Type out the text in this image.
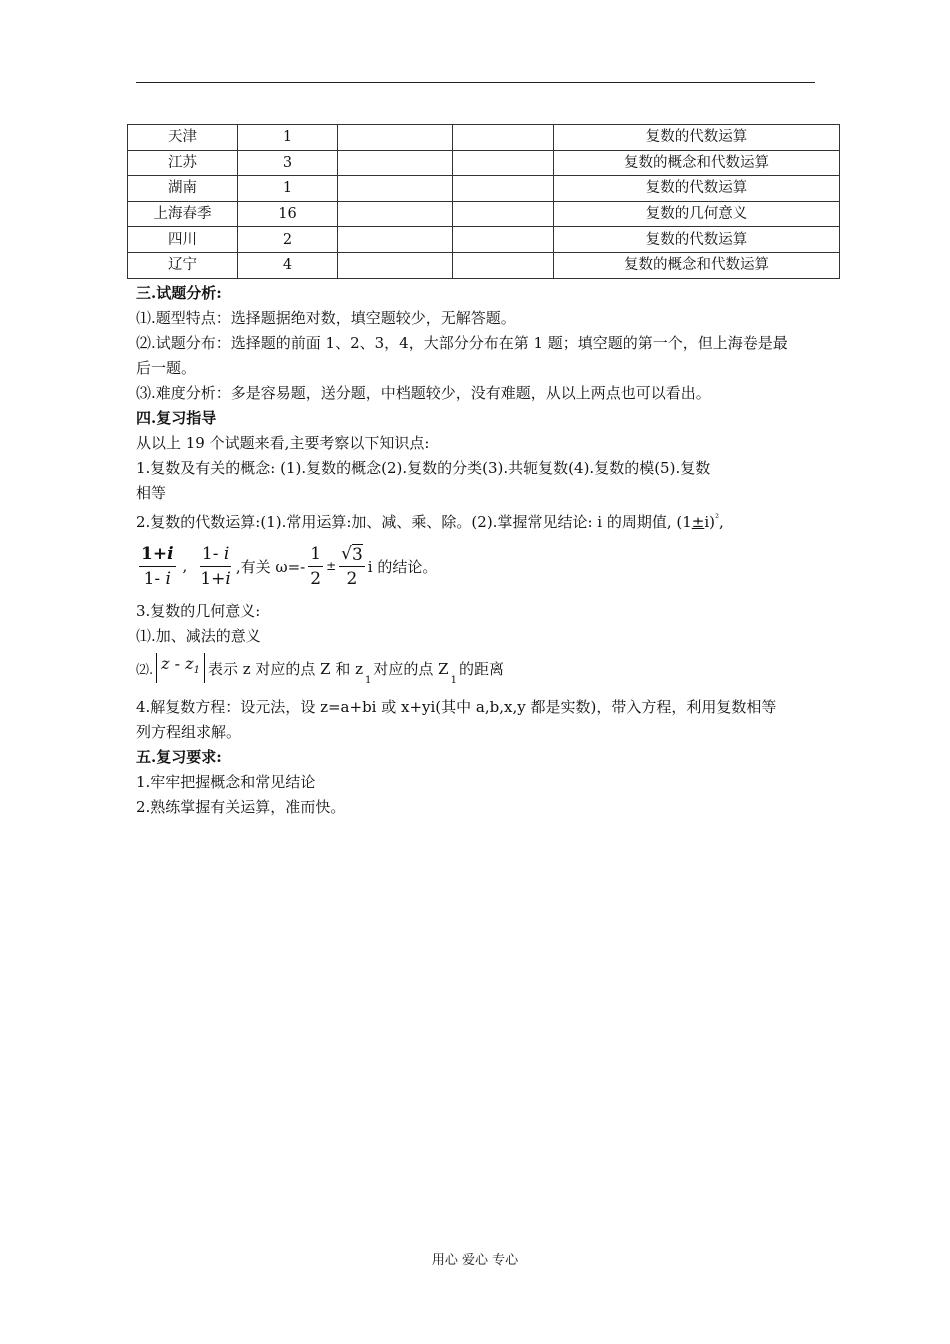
天津	1			复数的代数运算
江苏	3			复数的概念和代数运算
湖南	1			复数的代数运算
上海春季	16			复数的几何意义
四川	2			复数的代数运算
辽宁	4			复数的概念和代数运算
三.试题分析:
⑴.题型特点：选择题据绝对数，填空题较少，无解答题。
⑵.试题分布：选择题的前面 1、2、3，4，大部分分布在第 1 题；填空题的第一个，但上海卷是最
后一题。
⑶.难度分析：多是容易题，送分题，中档题较少，没有难题，从以上两点也可以看出。
四.复习指导
从以上 19 个试题来看,主要考察以下知识点:
1.复数及有关的概念: (1).复数的概念(2).复数的分类(3).共轭复数(4).复数的模(5).复数
相等
2.复数的代数运算:(1).常用运算:加、减、乘、除。(2).掌握常见结论: i 的周期值, $(1\pm i)^{^2}$,
$\frac{1+i}{1- i}$ , $\frac{1- i}{1+i}$ ,有关 $\omega=- \frac{1}{2} \pm \frac{√ 3}{2}$ i 的结论。
3.复数的几何意义:
⑴.加、减法的意义
⑵. z - $z_1$ 表示 z 对应的点 Z 和 z
1
对应的点 Z
1
的距离
4.解复数方程：设元法，设 z=a+bi 或 x+yi(其中 a,b,x,y 都是实数)，带入方程，利用复数相等
列方程组求解。
五.复习要求:
1.牢牢把握概念和常见结论
2.熟练掌握有关运算，准而快。
用心 爱心 专心
